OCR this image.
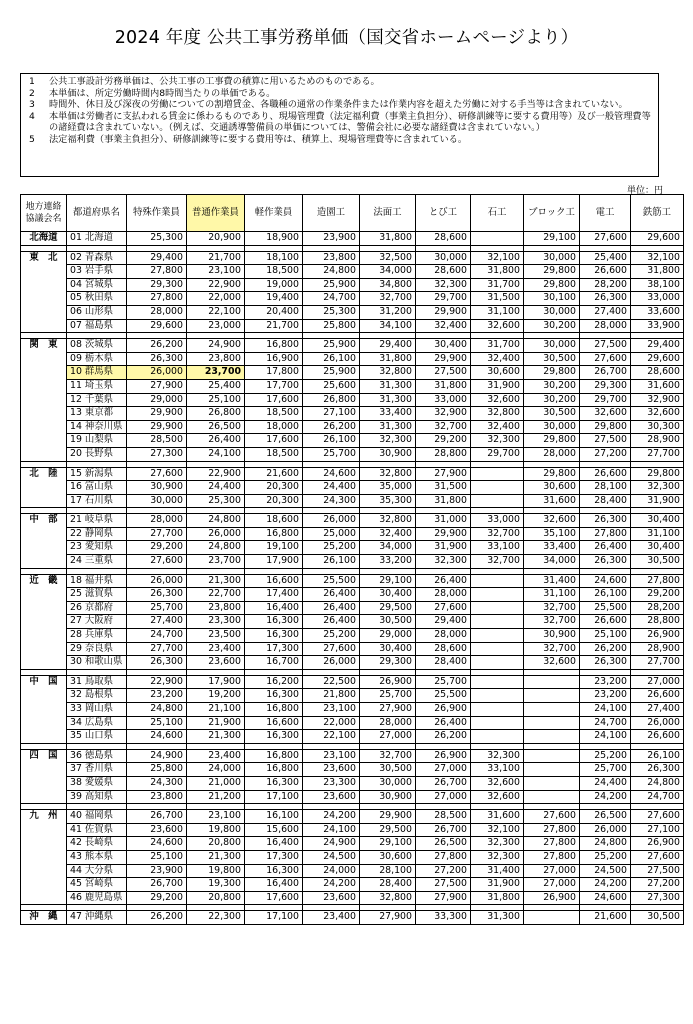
2024 年度 公共工事労務単価（国交省ホームページより）
1	公共工事設計労務単価は、公共工事の工事費の積算に用いるためのものである。
2	本単価は、所定労働時間内8時間当たりの単価である。
3	時間外、休日及び深夜の労働についての割増賃金、各職種の通常の作業条件または作業内容を超えた労働に対する手当等は含まれていない。
4	本単価は労働者に支払われる賃金に係わるものであり、現場管理費（法定福利費（事業主負担分）、研修訓練等に要する費用等）及び一般管理費等の諸経費は含まれていない。（例えば、交通誘導警備員の単価については、警備会社に必要な諸経費は含まれていない。）
5	法定福利費（事業主負担分）、研修訓練等に要する費用等は、積算上、現場管理費等に含まれている。
単位：円
地方連絡協議会名	都道府県名	特殊作業員	普通作業員	軽作業員	造園工	法面工	とび工	石工	ブロック工	電工	鉄筋工
北海道	01 北海道	25,300	20,900	18,900	23,900	31,800	28,600		29,100	27,600	29,600

東　北	02 青森県	29,400	21,700	18,100	23,800	32,500	30,000	32,100	30,000	25,400	32,100
	03 岩手県	27,800	23,100	18,500	24,800	34,000	28,600	31,800	29,800	26,600	31,800
	04 宮城県	29,300	22,900	19,000	25,900	34,800	32,300	31,700	29,800	28,200	38,100
	05 秋田県	27,800	22,000	19,400	24,700	32,700	29,700	31,500	30,100	26,300	33,000
	06 山形県	28,000	22,100	20,400	25,300	31,200	29,900	31,100	30,000	27,400	33,600
	07 福島県	29,600	23,000	21,700	25,800	34,100	32,400	32,600	30,200	28,000	33,900

関　東	08 茨城県	26,200	24,900	16,800	25,900	29,400	30,400	31,700	30,000	27,500	29,400
	09 栃木県	26,300	23,800	16,900	26,100	31,800	29,900	32,400	30,500	27,600	29,600
	10 群馬県	26,000	23,700	17,800	25,900	32,800	27,500	30,600	29,800	26,700	28,600
	11 埼玉県	27,900	25,400	17,700	25,600	31,300	31,800	31,900	30,200	29,300	31,600
	12 千葉県	29,000	25,100	17,600	26,800	31,300	33,000	32,600	30,200	29,700	32,900
	13 東京都	29,900	26,800	18,500	27,100	33,400	32,900	32,800	30,500	32,600	32,600
	14 神奈川県	29,900	26,500	18,000	26,200	31,300	32,700	32,400	30,000	29,800	30,300
	19 山梨県	28,500	26,400	17,600	26,100	32,300	29,200	32,300	29,800	27,500	28,900
	20 長野県	27,300	24,100	18,500	25,700	30,900	28,800	29,700	28,000	27,200	27,700

北　陸	15 新潟県	27,600	22,900	21,600	24,600	32,800	27,900		29,800	26,600	29,800
	16 富山県	30,900	24,400	20,300	24,400	35,000	31,500		30,600	28,100	32,300
	17 石川県	30,000	25,300	20,300	24,300	35,300	31,800		31,600	28,400	31,900

中　部	21 岐阜県	28,000	24,800	18,600	26,000	32,800	31,000	33,000	32,600	26,300	30,400
	22 静岡県	27,700	26,000	16,800	25,000	32,400	29,900	32,700	35,100	27,800	31,100
	23 愛知県	29,200	24,800	19,100	25,200	34,000	31,900	33,100	33,400	26,400	30,400
	24 三重県	27,600	23,700	17,900	26,100	33,200	32,300	32,700	34,000	26,300	30,500

近　畿	18 福井県	26,000	21,300	16,600	25,500	29,100	26,400		31,400	24,600	27,800
	25 滋賀県	26,300	22,700	17,400	26,400	30,400	28,000		31,100	26,100	29,200
	26 京都府	25,700	23,800	16,400	26,400	29,500	27,600		32,700	25,500	28,200
	27 大阪府	27,400	23,300	16,300	26,400	30,500	29,400		32,700	26,600	28,800
	28 兵庫県	24,700	23,500	16,300	25,200	29,000	28,000		30,900	25,100	26,900
	29 奈良県	27,700	23,400	17,300	27,600	30,400	28,600		32,700	26,200	28,900
	30 和歌山県	26,300	23,600	16,700	26,000	29,300	28,400		32,600	26,300	27,700

中　国	31 鳥取県	22,900	17,900	16,200	22,500	26,900	25,700			23,200	27,000
	32 島根県	23,200	19,200	16,300	21,800	25,700	25,500			23,200	26,600
	33 岡山県	24,800	21,100	16,800	23,100	27,900	26,900			24,100	27,400
	34 広島県	25,100	21,900	16,600	22,000	28,000	26,400			24,700	26,000
	35 山口県	24,600	21,300	16,300	22,100	27,000	26,200			24,100	26,600

四　国	36 徳島県	24,900	23,400	16,800	23,100	32,700	26,900	32,300		25,200	26,100
	37 香川県	25,800	24,000	16,800	23,600	30,500	27,000	33,100		25,700	26,300
	38 愛媛県	24,300	21,000	16,300	23,300	30,000	26,700	32,600		24,400	24,800
	39 高知県	23,800	21,200	17,100	23,600	30,900	27,000	32,600		24,200	24,700

九　州	40 福岡県	26,700	23,100	16,100	24,200	29,900	28,500	31,600	27,600	26,500	27,600
	41 佐賀県	23,600	19,800	15,600	24,100	29,500	26,700	32,100	27,800	26,000	27,100
	42 長崎県	24,600	20,800	16,400	24,900	29,100	26,500	32,300	27,800	24,800	26,900
	43 熊本県	25,100	21,300	17,300	24,500	30,600	27,800	32,300	27,800	25,200	27,600
	44 大分県	23,900	19,800	16,300	24,000	28,100	27,200	31,400	27,000	24,500	27,500
	45 宮崎県	26,700	19,300	16,400	24,200	28,400	27,500	31,900	27,000	24,200	27,200
	46 鹿児島県	29,200	20,800	17,600	23,600	32,800	27,900	31,800	26,900	24,600	27,300

沖　縄	47 沖縄県	26,200	22,300	17,100	23,400	27,900	33,300	31,300		21,600	30,500
